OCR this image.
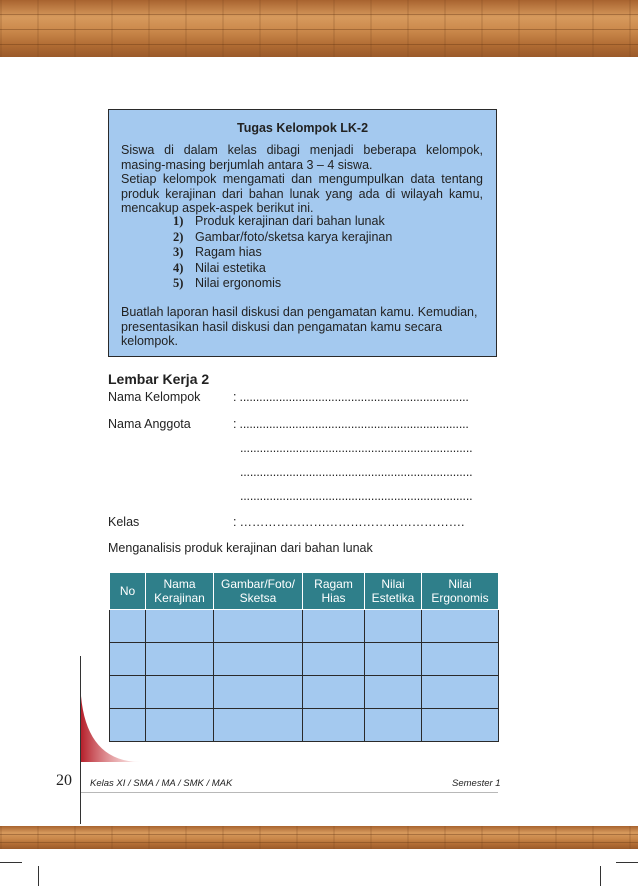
Tugas Kelompok LK-2
Siswa di dalam kelas dibagi menjadi beberapa kelompok, masing-masing berjumlah antara 3 – 4 siswa.
Setiap kelompok mengamati dan mengumpulkan data tentang produk kerajinan dari bahan lunak yang ada di wilayah kamu, mencakup aspek-aspek berikut ini.
1) Produk kerajinan dari bahan lunak
2) Gambar/foto/sketsa karya kerajinan
3) Ragam hias
4) Nilai estetika
5) Nilai ergonomis
Buatlah laporan hasil diskusi dan pengamatan kamu. Kemudian, presentasikan hasil diskusi dan pengamatan kamu secara kelompok.
Lembar Kerja 2
Nama Kelompok	: ......................................................................
Nama Anggota	: ......................................................................
.......................................................................
.......................................................................
.......................................................................
Kelas	: ……………………………………………….
Menganalisis produk kerajinan dari bahan lunak
No	Nama Kerajinan	Gambar/Foto/ Sketsa	Ragam Hias	Nilai Estetika	Nilai Ergonomis

20 Kelas XI / SMA / MA / SMK / MAK	Semester 1
